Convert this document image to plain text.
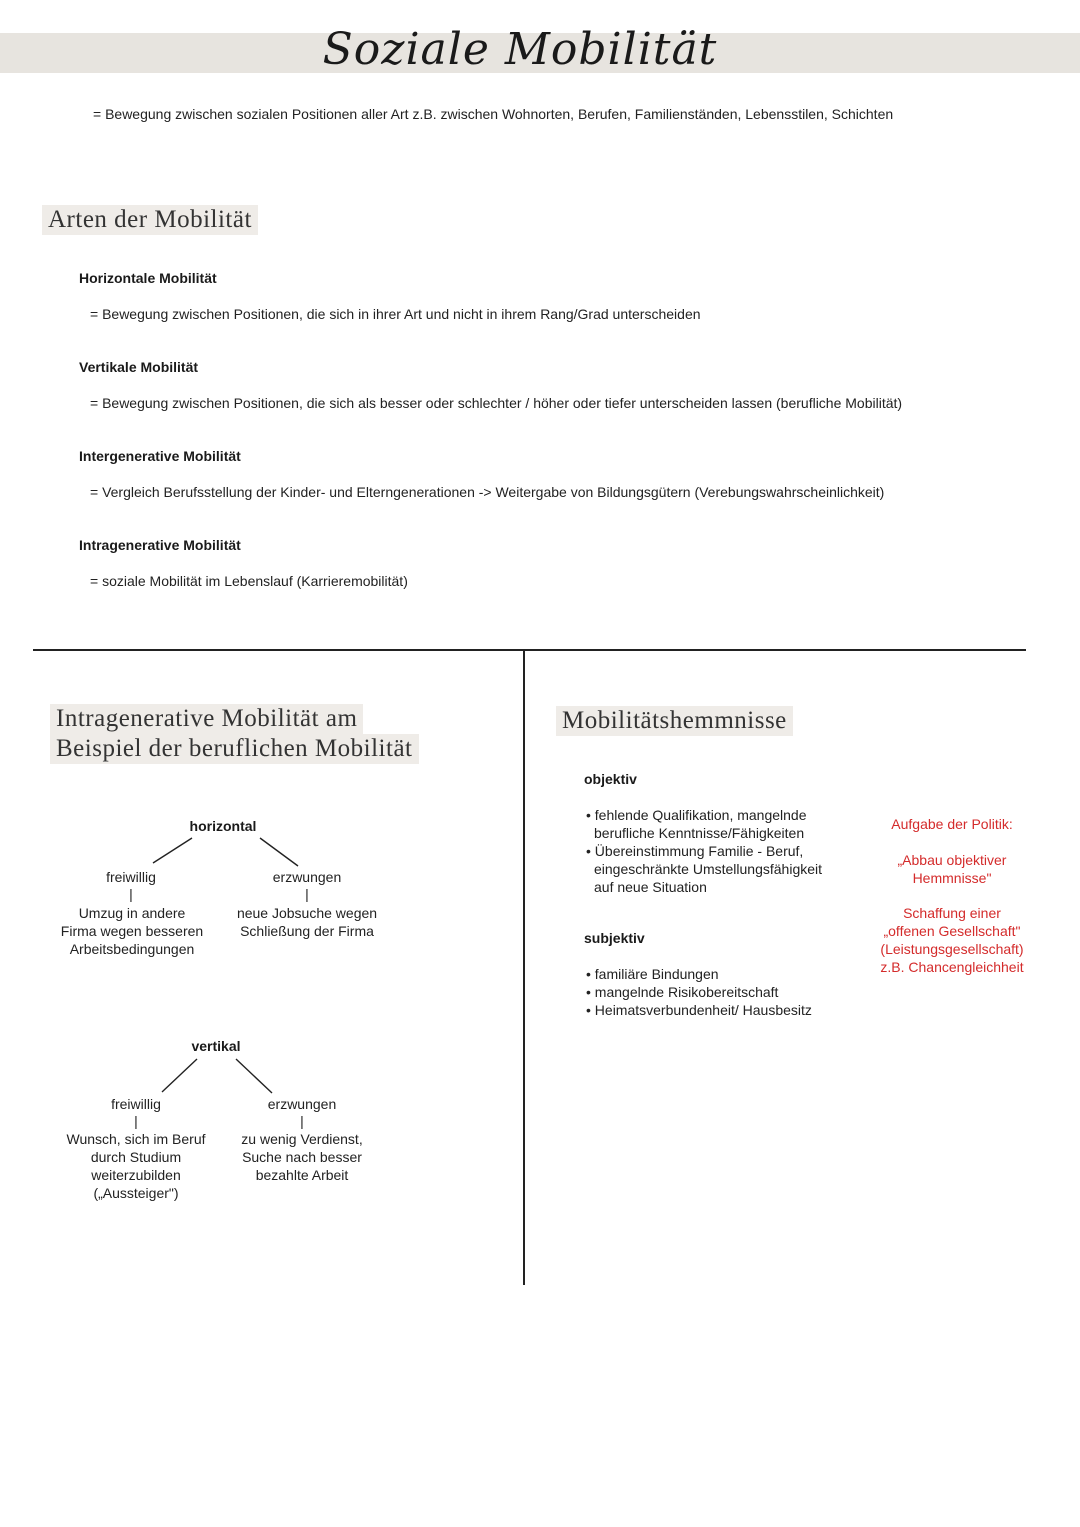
Soziale Mobilität
= Bewegung zwischen sozialen Positionen aller Art z.B. zwischen Wohnorten, Berufen, Familienständen, Lebensstilen, Schichten
Arten der Mobilität
Horizontale Mobilität
= Bewegung zwischen Positionen, die sich in ihrer Art und nicht in ihrem Rang/Grad unterscheiden
Vertikale Mobilität
= Bewegung zwischen Positionen, die sich als besser oder schlechter / höher oder tiefer unterscheiden lassen (berufliche Mobilität)
Intergenerative Mobilität
= Vergleich Berufsstellung der Kinder- und Elterngenerationen -> Weitergabe von Bildungsgütern (Verebungswahrscheinlichkeit)
Intragenerative Mobilität
= soziale Mobilität im Lebenslauf (Karrieremobilität)
Intragenerative Mobilität am
Beispiel der beruflichen Mobilität
horizontal
freiwillig
|
Umzug in andere
Firma wegen besseren
Arbeitsbedingungen
erzwungen
|
neue Jobsuche wegen
Schließung der Firma
vertikal
freiwillig
|
Wunsch, sich im Beruf
durch Studium
weiterzubilden
(„Aussteiger")
erzwungen
|
zu wenig Verdienst,
Suche nach besser
bezahlte Arbeit
Mobilitätshemmnisse
objektiv
• fehlende Qualifikation, mangelnde berufliche Kenntnisse/Fähigkeiten
• Übereinstimmung Familie - Beruf, eingeschränkte Umstellungsfähigkeit auf neue Situation
subjektiv
• familiäre Bindungen
• mangelnde Risikobereitschaft
• Heimatsverbundenheit/ Hausbesitz
Aufgabe der Politik:
„Abbau objektiver
Hemmnisse"
Schaffung einer
„offenen Gesellschaft"
(Leistungsgesellschaft)
z.B. Chancengleichheit
